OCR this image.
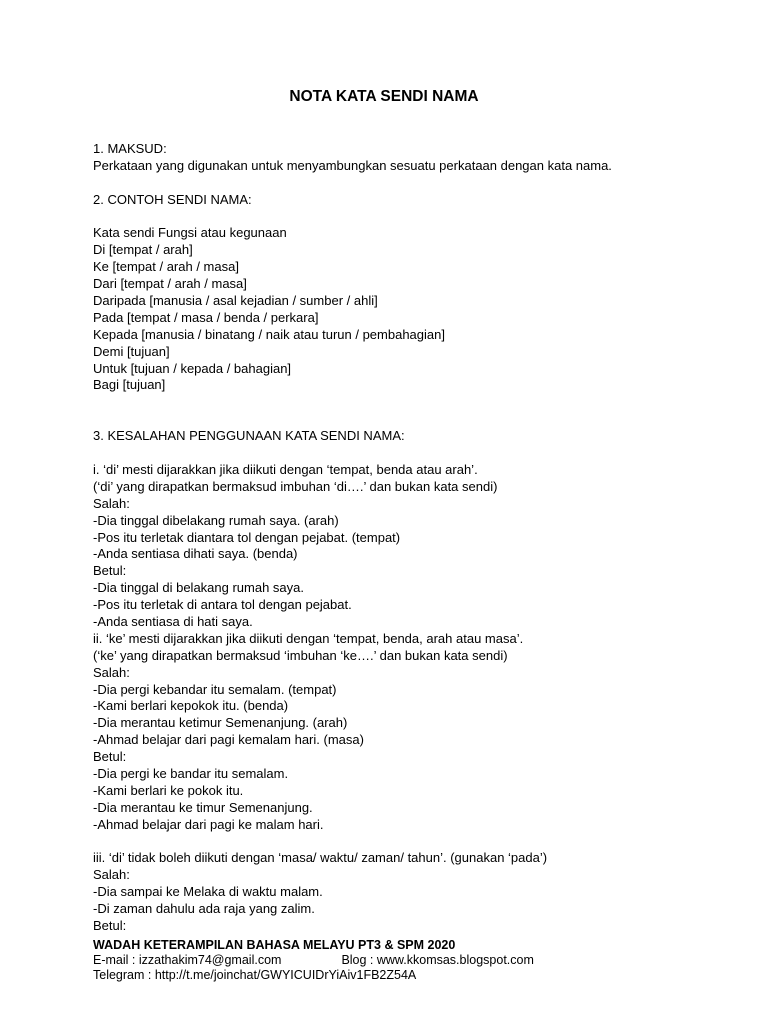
NOTA KATA SENDI NAMA
1. MAKSUD:
Perkataan yang digunakan untuk menyambungkan sesuatu perkataan dengan kata nama.
2. CONTOH SENDI NAMA:
Kata sendi Fungsi atau kegunaan
Di [tempat / arah]
Ke [tempat / arah / masa]
Dari [tempat / arah / masa]
Daripada [manusia / asal kejadian / sumber / ahli]
Pada [tempat / masa / benda / perkara]
Kepada [manusia / binatang / naik atau turun / pembahagian]
Demi [tujuan]
Untuk [tujuan / kepada / bahagian]
Bagi [tujuan]
3. KESALAHAN PENGGUNAAN KATA SENDI NAMA:
i. ‘di’ mesti dijarakkan jika diikuti dengan ‘tempat, benda atau arah’.
(‘di’ yang dirapatkan bermaksud imbuhan ‘di….’ dan bukan kata sendi)
Salah:
-Dia tinggal dibelakang rumah saya. (arah)
-Pos itu terletak diantara tol dengan pejabat. (tempat)
-Anda sentiasa dihati saya. (benda)
Betul:
-Dia tinggal di belakang rumah saya.
-Pos itu terletak di antara tol dengan pejabat.
-Anda sentiasa di hati saya.
ii. ‘ke’ mesti dijarakkan jika diikuti dengan ‘tempat, benda, arah atau masa’.
(‘ke’ yang dirapatkan bermaksud ‘imbuhan ‘ke….’ dan bukan kata sendi)
Salah:
-Dia pergi kebandar itu semalam. (tempat)
-Kami berlari kepokok itu. (benda)
-Dia merantau ketimur Semenanjung. (arah)
-Ahmad belajar dari pagi kemalam hari. (masa)
Betul:
-Dia pergi ke bandar itu semalam.
-Kami berlari ke pokok itu.
-Dia merantau ke timur Semenanjung.
-Ahmad belajar dari pagi ke malam hari.
iii. ‘di’ tidak boleh diikuti dengan ‘masa/ waktu/ zaman/ tahun’. (gunakan ‘pada’)
Salah:
-Dia sampai ke Melaka di waktu malam.
-Di zaman dahulu ada raja yang zalim.
Betul:
WADAH KETERAMPILAN BAHASA MELAYU PT3 & SPM 2020
E-mail : izzathakim74@gmail.com	Blog : www.kkomsas.blogspot.com
Telegram : http://t.me/joinchat/GWYICUIDrYiAiv1FB2Z54A
